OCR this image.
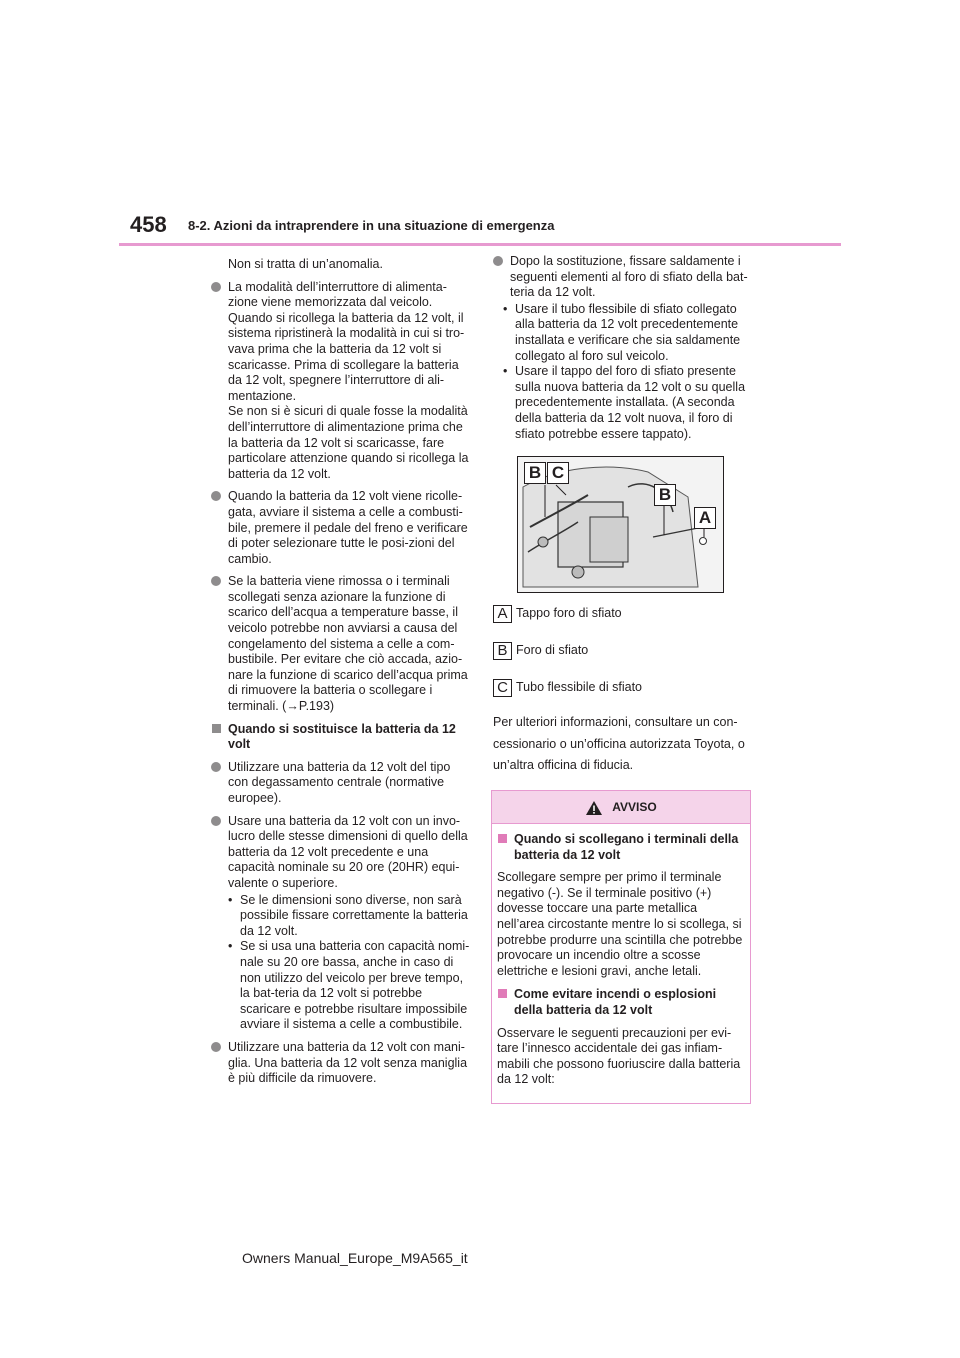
458 8-2. Azioni da intraprendere in una situazione di emergenza
Non si tratta di un’anomalia.
La modalità dell’interruttore di alimenta-zione viene memorizzata dal veicolo. Quando si ricollega la batteria da 12 volt, il sistema ripristinerà la modalità in cui si tro-vava prima che la batteria da 12 volt si scaricasse. Prima di scollegare la batteria da 12 volt, spegnere l’interruttore di ali-mentazione.
Se non si è sicuri di quale fosse la modalità dell’interruttore di alimentazione prima che la batteria da 12 volt si scaricasse, fare particolare attenzione quando si ricollega la batteria da 12 volt.
Quando la batteria da 12 volt viene ricolle-gata, avviare il sistema a celle a combusti-bile, premere il pedale del freno e verificare di poter selezionare tutte le posi-zioni del cambio.
Se la batteria viene rimossa o i terminali scollegati senza azionare la funzione di scarico dell’acqua a temperature basse, il veicolo potrebbe non avviarsi a causa del congelamento del sistema a celle a com-bustibile. Per evitare che ciò accada, azio-nare la funzione di scarico dell’acqua prima di rimuovere la batteria o scollegare i terminali. (→P.193)
Quando si sostituisce la batteria da 12 volt
Utilizzare una batteria da 12 volt del tipo con degassamento centrale (normative europee).
Usare una batteria da 12 volt con un invo-lucro delle stesse dimensioni di quello della batteria da 12 volt precedente e una capacità nominale su 20 ore (20HR) equi-valente o superiore.
• Se le dimensioni sono diverse, non sarà possibile fissare correttamente la batteria da 12 volt.
• Se si usa una batteria con capacità nomi-nale su 20 ore bassa, anche in caso di non utilizzo del veicolo per breve tempo, la bat-teria da 12 volt si potrebbe scaricare e potrebbe risultare impossibile avviare il sistema a celle a combustibile.
Utilizzare una batteria da 12 volt con mani-glia. Una batteria da 12 volt senza maniglia è più difficile da rimuovere.
Dopo la sostituzione, fissare saldamente i seguenti elementi al foro di sfiato della bat-teria da 12 volt.
• Usare il tubo flessibile di sfiato collegato alla batteria da 12 volt precedentemente installata e verificare che sia saldamente collegato al foro sul veicolo.
• Usare il tappo del foro di sfiato presente sulla nuova batteria da 12 volt o su quella precedentemente installata. (A seconda della batteria da 12 volt nuova, il foro di sfiato potrebbe essere tappato).
B C
B
A
A Tappo foro di sfiato
B Foro di sfiato
C Tubo flessibile di sfiato
Per ulteriori informazioni, consultare un con-cessionario o un’officina autorizzata Toyota, o un’altra officina di fiducia.
AVVISO
Quando si scollegano i terminali della batteria da 12 volt

Scollegare sempre per primo il terminale negativo (-). Se il terminale positivo (+) dovesse toccare una parte metallica nell’area circostante mentre lo si scollega, si potrebbe produrre una scintilla che potrebbe provocare un incendio oltre a scosse elettriche e lesioni gravi, anche letali.

Come evitare incendi o esplosioni della batteria da 12 volt

Osservare le seguenti precauzioni per evi-tare l’innesco accidentale dei gas infiam-mabili che possono fuoriuscire dalla batteria da 12 volt:

Owners Manual_Europe_M9A565_it
